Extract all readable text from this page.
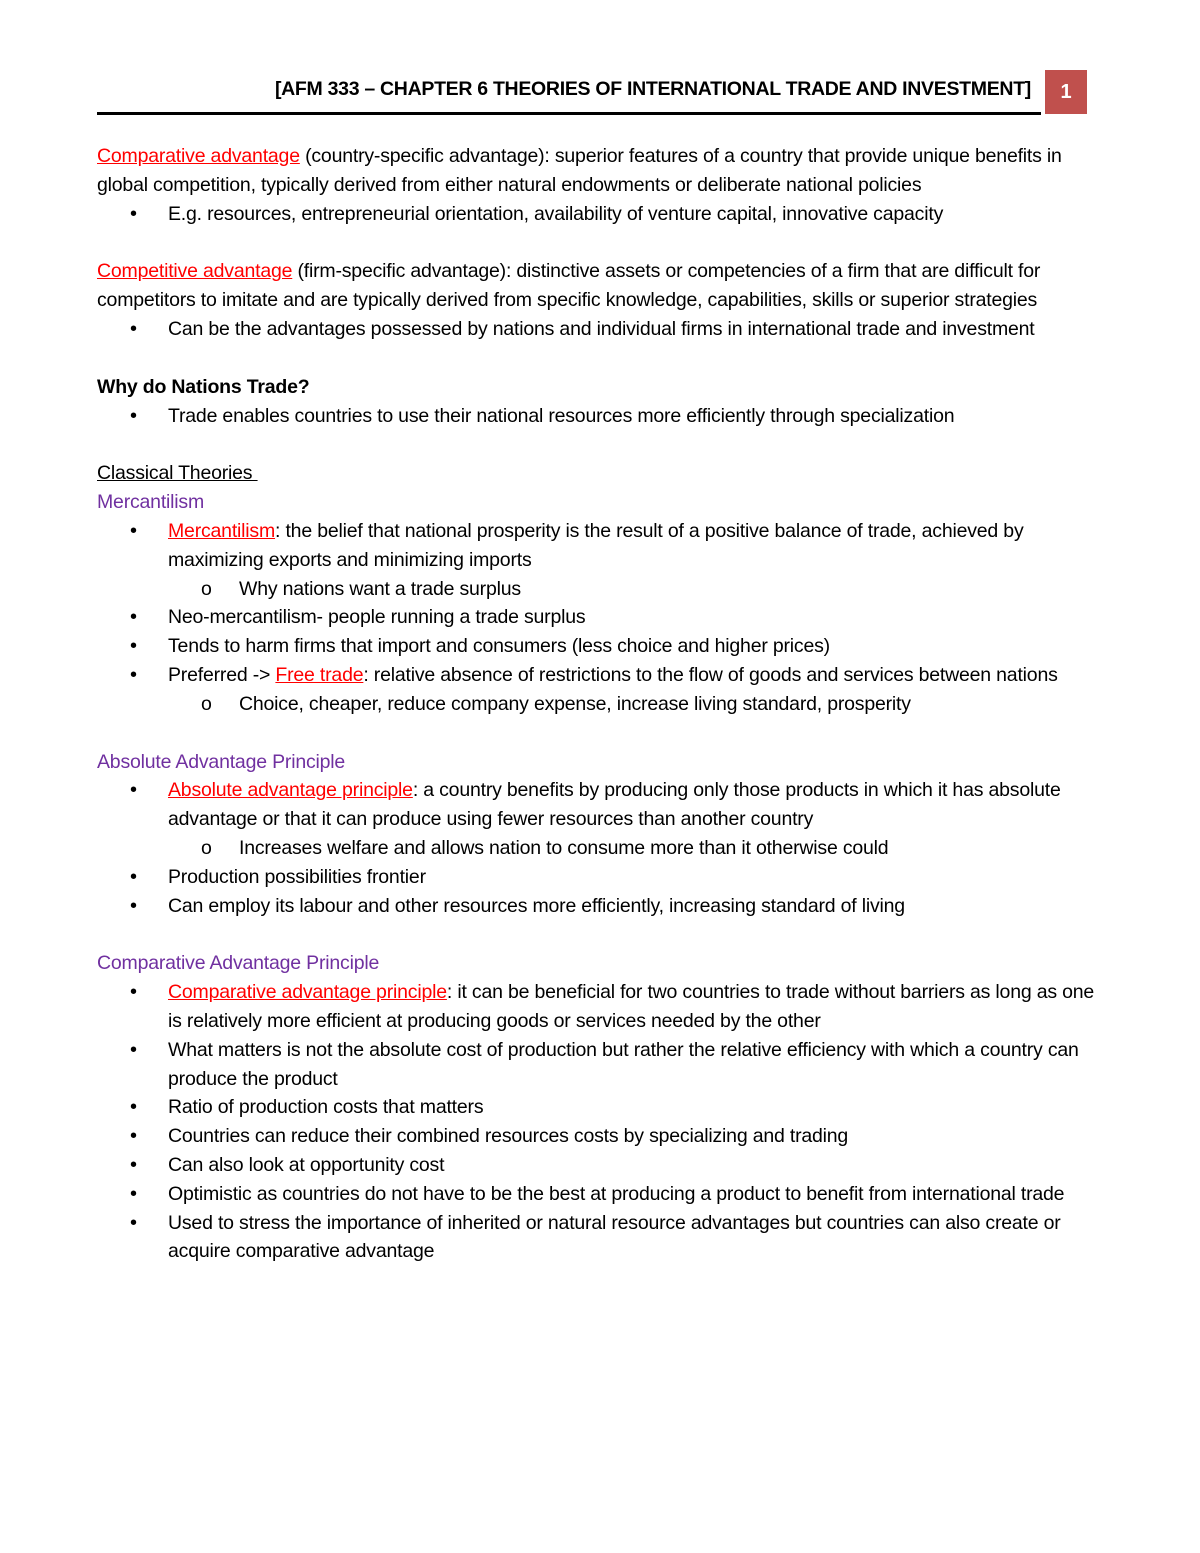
[AFM 333 – CHAPTER 6 THEORIES OF INTERNATIONAL TRADE AND INVESTMENT]	1

Comparative advantage (country-specific advantage): superior features of a country that provide unique benefits in global competition, typically derived from either natural endowments or deliberate national policies

• E.g. resources, entrepreneurial orientation, availability of venture capital, innovative capacity

Competitive advantage (firm-specific advantage): distinctive assets or competencies of a firm that are difficult for competitors to imitate and are typically derived from specific knowledge, capabilities, skills or superior strategies

• Can be the advantages possessed by nations and individual firms in international trade and investment

Why do Nations Trade?

• Trade enables countries to use their national resources more efficiently through specialization

Classical Theories

Mercantilism

• Mercantilism: the belief that national prosperity is the result of a positive balance of trade, achieved by maximizing exports and minimizing imports
o Why nations want a trade surplus
• Neo-mercantilism- people running a trade surplus
• Tends to harm firms that import and consumers (less choice and higher prices)
• Preferred -> Free trade: relative absence of restrictions to the flow of goods and services between nations
o Choice, cheaper, reduce company expense, increase living standard, prosperity

Absolute Advantage Principle

• Absolute advantage principle: a country benefits by producing only those products in which it has absolute advantage or that it can produce using fewer resources than another country
o Increases welfare and allows nation to consume more than it otherwise could
• Production possibilities frontier
• Can employ its labour and other resources more efficiently, increasing standard of living

Comparative Advantage Principle

• Comparative advantage principle: it can be beneficial for two countries to trade without barriers as long as one is relatively more efficient at producing goods or services needed by the other
• What matters is not the absolute cost of production but rather the relative efficiency with which a country can produce the product
• Ratio of production costs that matters
• Countries can reduce their combined resources costs by specializing and trading
• Can also look at opportunity cost
• Optimistic as countries do not have to be the best at producing a product to benefit from international trade
• Used to stress the importance of inherited or natural resource advantages but countries can also create or acquire comparative advantage
